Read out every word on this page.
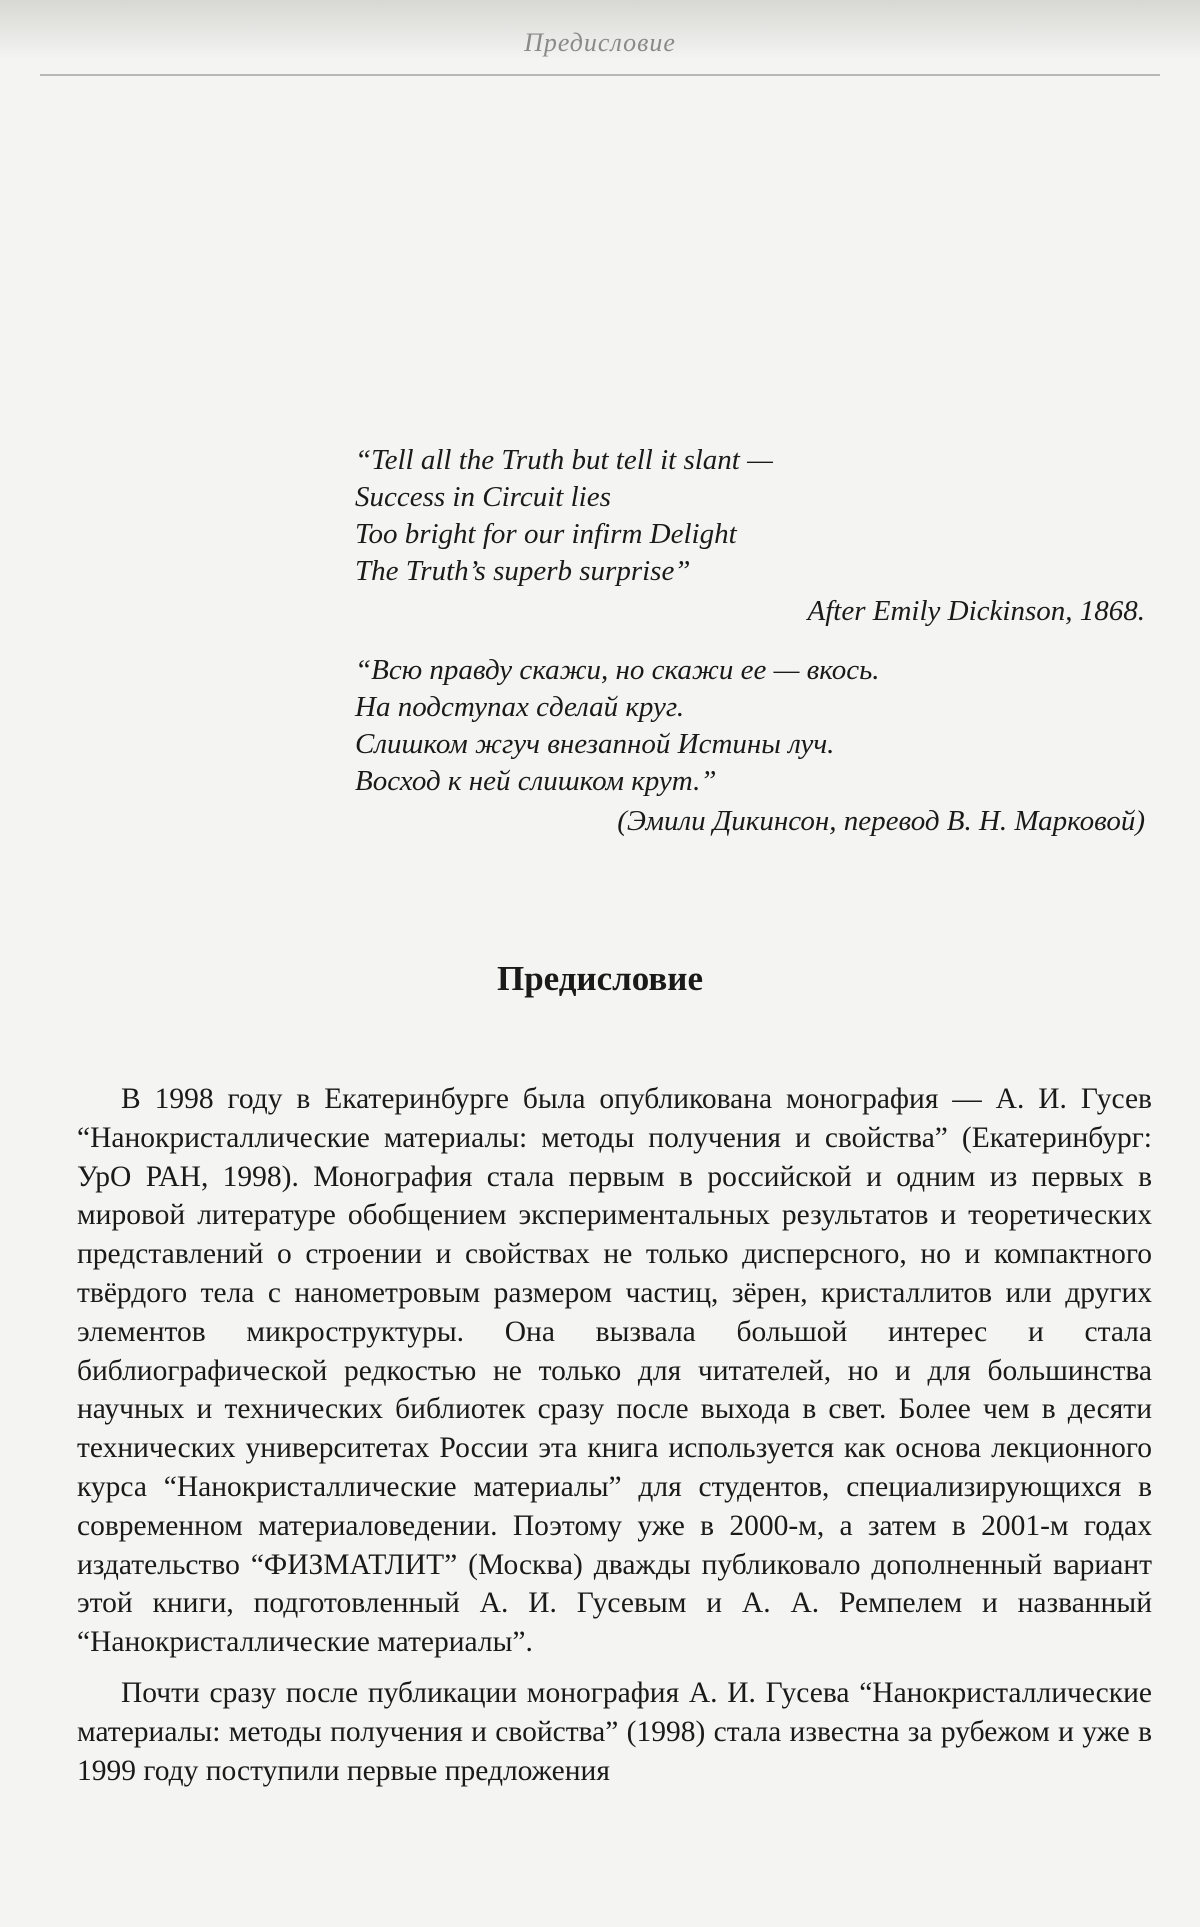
Предисловие
“Tell all the Truth but tell it slant —
Success in Circuit lies
Too bright for our infirm Delight
The Truth’s superb surprise”
After Emily Dickinson, 1868.
“Всю правду скажи, но скажи ее — вкось.
На подступах сделай круг.
Слишком жгуч внезапной Истины луч.
Восход к ней слишком крут.”
(Эмили Дикинсон, перевод В. Н. Марковой)
Предисловие

В 1998 году в Екатеринбурге была опубликована монография — А. И. Гусев “Нанокристаллические материалы: методы получения и свойства” (Екатеринбург: УрО РАН, 1998). Монография стала первым в российской и одним из первых в мировой литературе обобщением экспериментальных результатов и теоретических представлений о строении и свойствах не только дисперсного, но и компактного твёрдого тела с нанометровым размером частиц, зёрен, кристаллитов или других элементов микроструктуры. Она вызвала большой интерес и стала библиографической редкостью не только для читателей, но и для большинства научных и технических библиотек сразу после выхода в свет. Более чем в десяти технических университетах России эта книга используется как основа лекционного курса “Нанокристаллические материалы” для студентов, специализирующихся в современном материаловедении. Поэтому уже в 2000-м, а затем в 2001-м годах издательство “ФИЗМАТЛИТ” (Москва) дважды публиковало дополненный вариант этой книги, подготовленный А. И. Гусевым и А. А. Ремпелем и названный “Нанокристаллические материалы”.

Почти сразу после публикации монография А. И. Гусева “Нанокристаллические материалы: методы получения и свойства” (1998) стала известна за рубежом и уже в 1999 году поступили первые предложения
